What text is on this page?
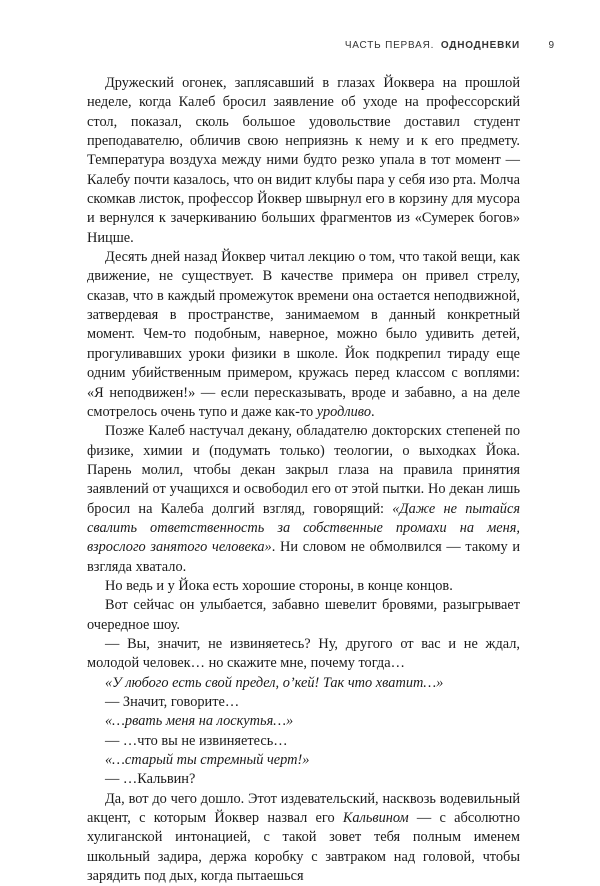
ЧАСТЬ ПЕРВАЯ. ОДНОДНЕВКИ	9

Дружеский огонек, заплясавший в глазах Йоквера на прошлой неделе, когда Калеб бросил заявление об уходе на профессорский стол, показал, сколь большое удовольствие доставил студент преподавателю, обличив свою неприязнь к нему и к его предмету. Температура воздуха между ними будто резко упала в тот момент — Калебу почти казалось, что он видит клубы пара у себя изо рта. Молча скомкав листок, профессор Йоквер швырнул его в корзину для мусора и вернулся к зачеркиванию больших фрагментов из «Сумерек богов» Ницше.

Десять дней назад Йоквер читал лекцию о том, что такой вещи, как движение, не существует. В качестве примера он привел стрелу, сказав, что в каждый промежуток времени она остается неподвижной, затвердевая в пространстве, занимаемом в данный конкретный момент. Чем-то подобным, наверное, можно было удивить детей, прогуливавших уроки физики в школе. Йок подкрепил тираду еще одним убийственным примером, кружась перед классом с воплями: «Я неподвижен!» — если пересказывать, вроде и забавно, а на деле смотрелось очень тупо и даже как-то уродливо.

Позже Калеб настучал декану, обладателю докторских степеней по физике, химии и (подумать только) теологии, о выходках Йока. Парень молил, чтобы декан закрыл глаза на правила принятия заявлений от учащихся и освободил его от этой пытки. Но декан лишь бросил на Калеба долгий взгляд, говорящий: «Даже не пытайся свалить ответственность за собственные промахи на меня, взрослого занятого человека». Ни словом не обмолвился — такому и взгляда хватало.

Но ведь и у Йока есть хорошие стороны, в конце концов.

Вот сейчас он улыбается, забавно шевелит бровями, разыгрывает очередное шоу.

— Вы, значит, не извиняетесь? Ну, другого от вас и не ждал, молодой человек… но скажите мне, почему тогда…

«У любого есть свой предел, о’кей! Так что хватит…»

— Значит, говорите…

«…рвать меня на лоскутья…»

— …что вы не извиняетесь…

«…старый ты стремный черт!»

— …Кальвин?

Да, вот до чего дошло. Этот издевательский, насквозь водевильный акцент, с которым Йоквер назвал его Кальвином — с абсолютно хулиганской интонацией, с такой зовет тебя полным именем школьный задира, держа коробку с завтраком над головой, чтобы зарядить под дых, когда пытаешься
